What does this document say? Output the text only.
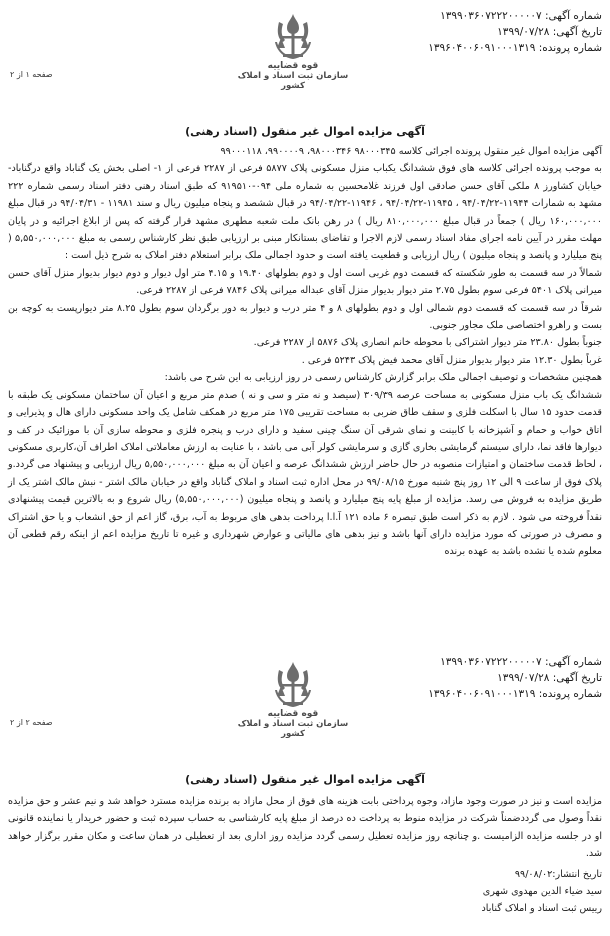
شماره آگهی: ۱۳۹۹۰۳۶۰۷۲۲۲۰۰۰۰۰۷
تاریخ آگهی: ۱۳۹۹/۰۷/۲۸
شماره پرونده: ۱۳۹۶۰۴۰۰۶۰۹۱۰۰۰۱۳۱۹
قوه قضاییه
سازمان ثبت اسناد و املاک کشور
صفحه ۱ از ۲
آگهی مزایده اموال غیر منقول (اسناد رهنی)

آگهی مزایده اموال غیر منقول پرونده اجرائی کلاسه ۹۸۰۰۰۳۴۵ ۹۸۰۰۰۳۴۶، ۹۹۰۰۰۰۹، ۹۹۰۰۰۱۱۸

به موجب پرونده اجرائی کلاسه های فوق ششدانگ یکباب منزل مسکونی پلاک ۵۸۷۷ فرعی از ۲۲۸۷ فرعی از ۱- اصلی بخش یک گناباد واقع درگناباد-خیابان کشاورز ۸ ملکی آقای حسن صادقی اول فرزند غلامحسین به شماره ملی ۰۹۴-۹۱۹۵۱۰ که طبق اسناد رهنی دفتر اسناد رسمی شماره ۲۲۲ مشهد به شمارات ۱۱۹۴۴-۹۴/۰۴/۲۲ ، ۱۱۹۴۵-۹۴/۰۴/۲۲ ، ۱۱۹۴۶-۹۴/۰۴/۲۲ در قبال ششصد و پنجاه میلیون ریال و سند ۱۱۹۸۱ - ۹۴/۰۴/۳۱ در قبال مبلغ ۱۶۰,۰۰۰,۰۰۰ ریال ) جمعاً در قبال مبلغ ۸۱۰,۰۰۰,۰۰۰ ریال ) در رهن بانک ملت شعبه مطهری مشهد قرار گرفته که پس از ابلاغ اجرائیه و در پایان مهلت مقرر در آیین نامه اجرای مفاد اسناد رسمی لازم الاجرا و تقاضای بستانکار مبنی بر ارزیابی طبق نظر کارشناس رسمی به مبلغ ۵,۵۵۰,۰۰۰,۰۰۰ ( پنج میلیارد و پانصد و پنجاه میلیون ) ریال ارزیابی و قطعیت یافته است و حدود اجمالی ملک برابر استعلام دفتر املاک به شرح ذیل است :

شمالاً در سه قسمت به طور شکسته که قسمت دوم غربی است اول و دوم بطولهای ۱۹.۴۰ و ۴.۱۵ متر اول دیوار و دوم دیوار بدیوار منزل آقای حسن میرانی پلاک ۵۴۰۱ فرعی سوم بطول ۲.۷۵ متر دیوار بدیوار منزل آقای عبداله میرانی پلاک ۷۸۴۶ فرعی از ۲۲۸۷ فرعی.

شرقاً در سه قسمت که قسمت دوم شمالی اول و دوم بطولهای ۸ و ۴ متر درب و دیوار به دور برگردان سوم بطول ۸.۲۵ متر دیوارپست به کوچه بن بست و راهرو اختصاصی ملک مجاور جنوبی.

جنوباً بطول ۲۳.۸۰ متر دیوار اشتراکی با محوطه خانم انصاری پلاک ۵۸۷۶ از ۲۲۸۷ فرعی.

غرباً بطول ۱۲.۳۰ متر دیوار بدیوار منزل آقای محمد فیض پلاک ۵۲۴۳ فرعی .

همچنین مشخصات و توصیف اجمالی ملک برابر گزارش کارشناس رسمی در روز ارزیابی به این شرح می باشد:

ششدانگ یک باب منزل مسکونی به مساحت عرصه ۳۰۹/۳۹ (سیصد و نه متر و سی و نه ) صدم متر مربع و اعیان آن ساختمان مسکونی یک طبقه با قدمت حدود ۱۵ سال با اسکلت فلزی و سقف طاق ضربی به مساحت تقریبی ۱۷۵ متر مربع در همکف شامل یک واحد مسکونی دارای هال و پذیرایی و اتاق خواب و حمام و آشپزخانه با کابینت و نمای شرقی آن سنگ چینی سفید و دارای درب و پنجره فلزی و محوطه سازی آن با موزائیک در کف و دیوارها فاقد نما، دارای سیستم گرمایشی بخاری گازی و سرمایشی کولر آبی می باشد ، با عنایت به ارزش معاملاتی املاک اطراف آن،کاربری مسکونی ، لحاظ قدمت ساختمان و امتیازات منصوبه در حال حاضر ارزش ششدانگ عرصه و اعیان آن به مبلغ ۵,۵۵۰,۰۰۰,۰۰۰ ریال ارزیابی و پیشنهاد می گردد.و پلاک فوق از ساعت ۹ الی ۱۲ روز پنج شنبه مورخ ۹۹/۰۸/۱۵ در محل اداره ثبت اسناد و املاک گناباد واقع در خیابان مالک اشتر - نبش مالک اشتر یک از طریق مزایده به فروش می رسد. مزایده از مبلغ پایه پنج میلیارد و پانصد و پنجاه میلیون (۵,۵۵۰,۰۰۰,۰۰۰) ریال شروع و به بالاترین قیمت پیشنهادی نقداً فروخته می شود . لازم به ذکر است طبق تبصره ۶ ماده ۱۲۱ آ.ا.ا پرداخت بدهی های مربوط به آب، برق، گاز اعم از حق انشعاب و یا حق اشتراک و مصرف در صورتی که مورد مزایده دارای آنها باشد و نیز بدهی های مالیاتی و عوارض شهرداری و غیره تا تاریخ مزایده اعم از اینکه رقم قطعی آن معلوم شده یا نشده باشد به عهده برنده

شماره آگهی: ۱۳۹۹۰۳۶۰۷۲۲۲۰۰۰۰۰۷
تاریخ آگهی: ۱۳۹۹/۰۷/۲۸
شماره پرونده: ۱۳۹۶۰۴۰۰۶۰۹۱۰۰۰۱۳۱۹
قوه قضاییه
سازمان ثبت اسناد و املاک کشور
صفحه ۲ از ۲
آگهی مزایده اموال غیر منقول (اسناد رهنی)

مزایده است و نیز در صورت وجود مازاد، وجوه پرداختی بابت هزینه های فوق از محل مازاد به برنده مزایده مسترد خواهد شد و نیم عشر و حق مزایده نقداً وصول می گرددضمناً شرکت در مزایده منوط به پرداخت ده درصد از مبلغ پایه کارشناسی به حساب سپرده ثبت و حضور خریدار یا نماینده قانونی او در جلسه مزایده الزامیست .و چنانچه روز مزایده تعطیل رسمی گردد مزایده روز اداری بعد از تعطیلی در همان ساعت و مکان مقرر برگزار خواهد شد.

تاریخ انتشار:۹۹/۰۸/۰۲
سید ضیاء الدین مهدوی شهری
رییس ثبت اسناد و املاک گناباد
